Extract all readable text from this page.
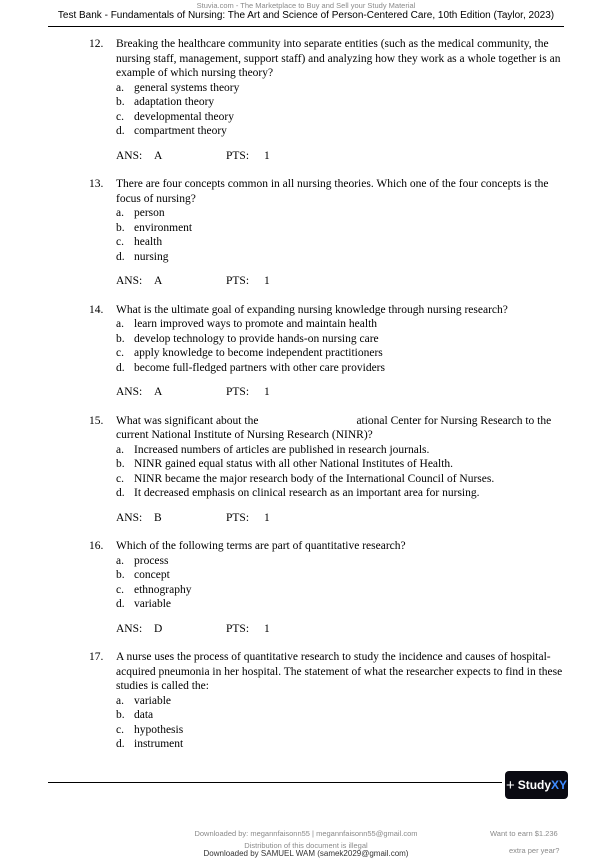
Stuvia.com - The Marketplace to Buy and Sell your Study Material
Test Bank - Fundamentals of Nursing: The Art and Science of Person-Centered Care, 10th Edition (Taylor, 2023)
12.	Breaking the healthcare community into separate entities (such as the medical community, the nursing staff, management, support staff) and analyzing how they work as a whole together is an example of which nursing theory?
a. general systems theory
b. adaptation theory
c. developmental theory
d. compartment theory
ANS: A	PTS: 1
13.	There are four concepts common in all nursing theories. Which one of the four concepts is the focus of nursing?
a. person
b. environment
c. health
d. nursing
ANS: A	PTS: 1
14.	What is the ultimate goal of expanding nursing knowledge through nursing research?
a. learn improved ways to promote and maintain health
b. develop technology to provide hands-on nursing care
c. apply knowledge to become independent practitioners
d. become full-fledged partners with other care providers
ANS: A	PTS: 1
15.	What was significant about the	ational Center for Nursing Research to the current National Institute of Nursing Research (NINR)?
a. Increased numbers of articles are published in research journals.
b. NINR gained equal status with all other National Institutes of Health.
c. NINR became the major research body of the International Council of Nurses.
d. It decreased emphasis on clinical research as an important area for nursing.
ANS: B	PTS: 1
16.	Which of the following terms are part of quantitative research?
a. process
b. concept
c. ethnography
d. variable
ANS: D	PTS: 1
17.	A nurse uses the process of quantitative research to study the incidence and causes of hospital-acquired pneumonia in her hospital. The statement of what the researcher expects to find in these studies is called the:
a. variable
b. data
c. hypothesis
d. instrument
+ Study XY
Downloaded by: megannfaisonn55 | megannfaisonn55@gmail.com
Distribution of this document is illegal
Downloaded by SAMUEL WAM (samek2029@gmail.com)
Want to earn $1.236
extra per year?
